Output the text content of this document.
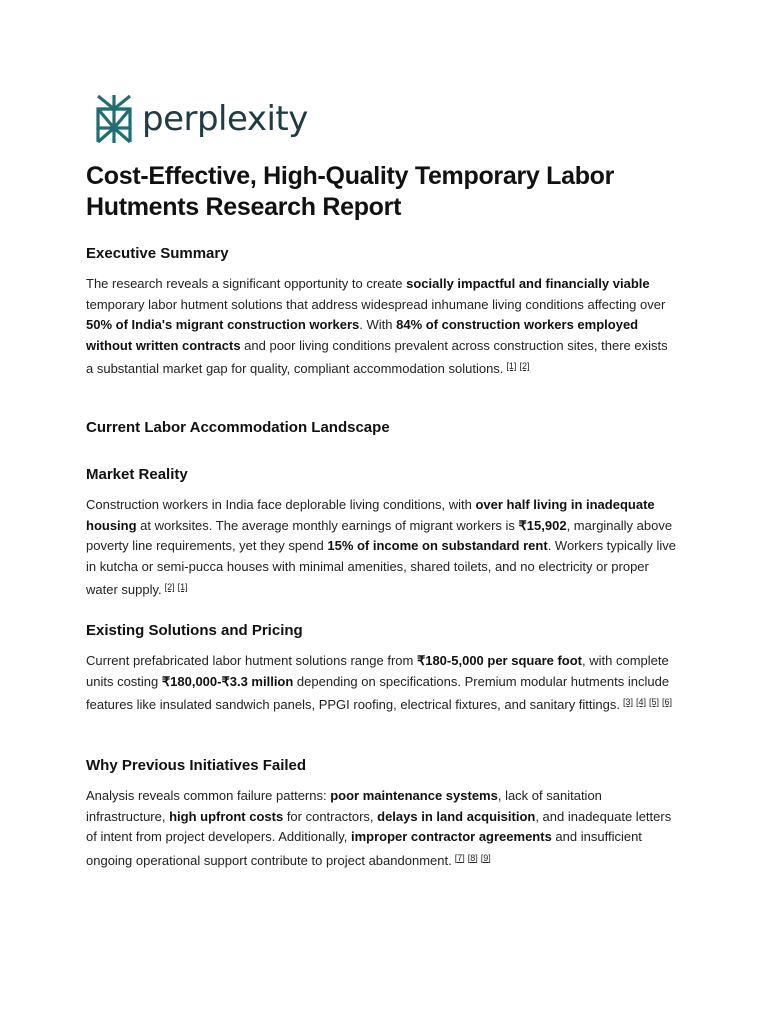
perplexity
Cost-Effective, High-Quality Temporary Labor Hutments Research Report
Executive Summary

The research reveals a significant opportunity to create socially impactful and financially viable temporary labor hutment solutions that address widespread inhumane living conditions affecting over 50% of India's migrant construction workers. With 84% of construction workers employed without written contracts and poor living conditions prevalent across construction sites, there exists a substantial market gap for quality, compliant accommodation solutions. [1] [2]

Current Labor Accommodation Landscape
Market Reality

Construction workers in India face deplorable living conditions, with over half living in inadequate housing at worksites. The average monthly earnings of migrant workers is ₹15,902, marginally above poverty line requirements, yet they spend 15% of income on substandard rent. Workers typically live in kutcha or semi-pucca houses with minimal amenities, shared toilets, and no electricity or proper water supply. [2] [1]

Existing Solutions and Pricing

Current prefabricated labor hutment solutions range from ₹180-5,000 per square foot, with complete units costing ₹180,000-₹3.3 million depending on specifications. Premium modular hutments include features like insulated sandwich panels, PPGI roofing, electrical fixtures, and sanitary fittings. [3] [4] [5] [6]

Why Previous Initiatives Failed

Analysis reveals common failure patterns: poor maintenance systems, lack of sanitation infrastructure, high upfront costs for contractors, delays in land acquisition, and inadequate letters of intent from project developers. Additionally, improper contractor agreements and insufficient ongoing operational support contribute to project abandonment. [7] [8] [9]
